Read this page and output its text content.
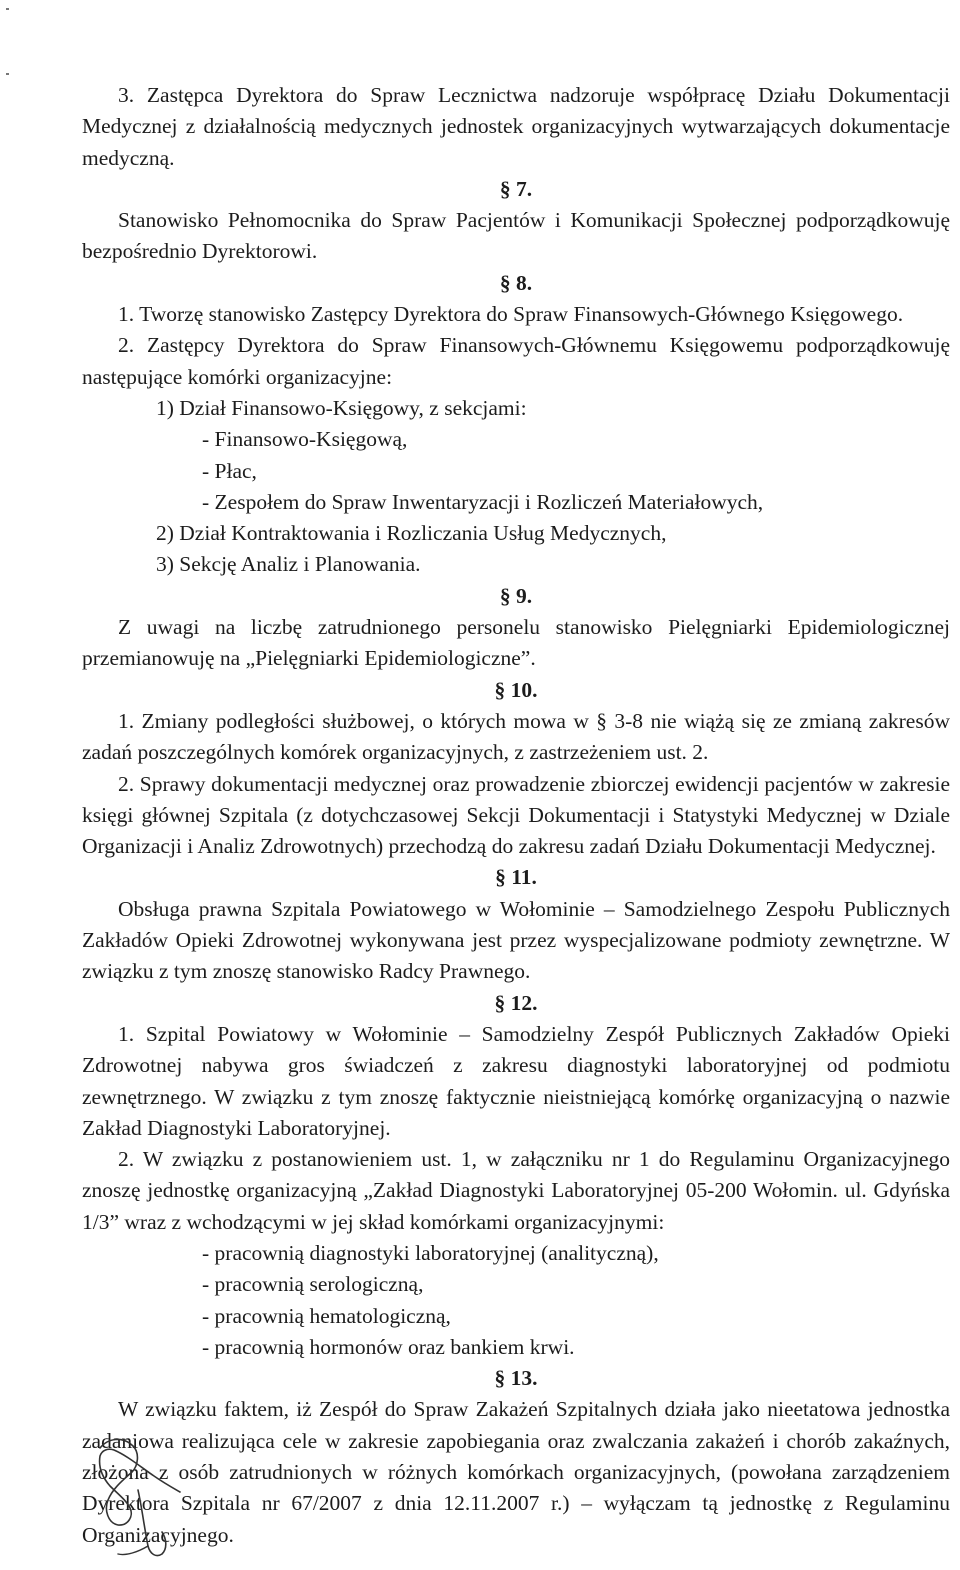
3. Zastępca Dyrektora do Spraw Lecznictwa nadzoruje współpracę Działu Dokumentacji Medycznej z działalnością medycznych jednostek organizacyjnych wytwarzających dokumentacje medyczną.

§ 7.

Stanowisko Pełnomocnika do Spraw Pacjentów i Komunikacji Społecznej podporządkowuję bezpośrednio Dyrektorowi.

§ 8.

1. Tworzę stanowisko Zastępcy Dyrektora do Spraw Finansowych-Głównego Księgowego.

2. Zastępcy Dyrektora do Spraw Finansowych-Głównemu Księgowemu podporządkowuję następujące komórki organizacyjne:

1) Dział Finansowo-Księgowy, z sekcjami:

- Finansowo-Księgową,

- Płac,

- Zespołem do Spraw Inwentaryzacji i Rozliczeń Materiałowych,

2) Dział Kontraktowania i Rozliczania Usług Medycznych,

3) Sekcję Analiz i Planowania.

§ 9.

Z uwagi na liczbę zatrudnionego personelu stanowisko Pielęgniarki Epidemiologicznej przemianowuję na „Pielęgniarki Epidemiologiczne”.

§ 10.

1. Zmiany podległości służbowej, o których mowa w § 3-8 nie wiążą się ze zmianą zakresów zadań poszczególnych komórek organizacyjnych, z zastrzeżeniem ust. 2.

2. Sprawy dokumentacji medycznej oraz prowadzenie zbiorczej ewidencji pacjentów w zakresie księgi głównej Szpitala (z dotychczasowej Sekcji Dokumentacji i Statystyki Medycznej w Dziale Organizacji i Analiz Zdrowotnych) przechodzą do zakresu zadań Działu Dokumentacji Medycznej.

§ 11.

Obsługa prawna Szpitala Powiatowego w Wołominie – Samodzielnego Zespołu Publicznych Zakładów Opieki Zdrowotnej wykonywana jest przez wyspecjalizowane podmioty zewnętrzne. W związku z tym znoszę stanowisko Radcy Prawnego.

§ 12.

1. Szpital Powiatowy w Wołominie – Samodzielny Zespół Publicznych Zakładów Opieki Zdrowotnej nabywa gros świadczeń z zakresu diagnostyki laboratoryjnej od podmiotu zewnętrznego. W związku z tym znoszę faktycznie nieistniejącą komórkę organizacyjną o nazwie Zakład Diagnostyki Laboratoryjnej.

2. W związku z postanowieniem ust. 1, w załączniku nr 1 do Regulaminu Organizacyjnego znoszę jednostkę organizacyjną „Zakład Diagnostyki Laboratoryjnej 05-200 Wołomin. ul. Gdyńska 1/3” wraz z wchodzącymi w jej skład komórkami organizacyjnymi:

- pracownią diagnostyki laboratoryjnej (analityczną),

- pracownią serologiczną,

- pracownią hematologiczną,

- pracownią hormonów oraz bankiem krwi.

§ 13.

W związku faktem, iż Zespół do Spraw Zakażeń Szpitalnych działa jako nieetatowa jednostka zadaniowa realizująca cele w zakresie zapobiegania oraz zwalczania zakażeń i chorób zakaźnych, złożona z osób zatrudnionych w różnych komórkach organizacyjnych, (powołana zarządzeniem Dyrektora Szpitala nr 67/2007 z dnia 12.11.2007 r.) – wyłączam tą jednostkę z Regulaminu Organizacyjnego.
